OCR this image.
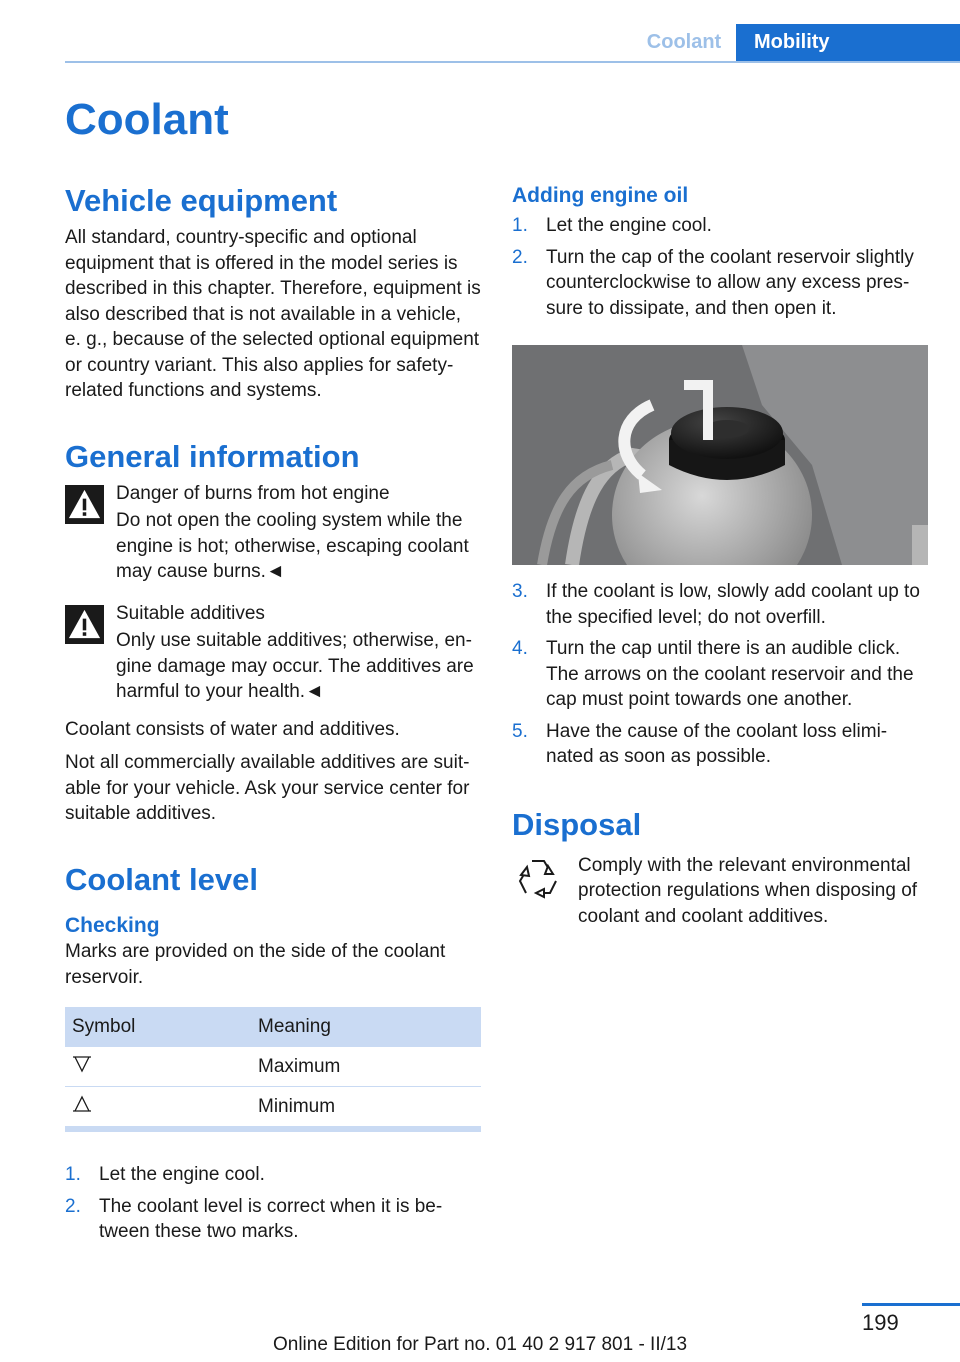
Coolant	Mobility
Coolant
Vehicle equipment

All standard, country-specific and optional equipment that is offered in the model series is described in this chapter. Therefore, equipment is also described that is not available in a vehicle, e. g., because of the selected optional equipment or country variant. This also applies for safety-related functions and systems.

General information

Danger of burns from hot engine

Do not open the cooling system while the engine is hot; otherwise, escaping coolant may cause burns.◄

Suitable additives

Only use suitable additives; otherwise, engine damage may occur. The additives are harmful to your health.◄

Coolant consists of water and additives.

Not all commercially available additives are suitable for your vehicle. Ask your service center for suitable additives.

Coolant level
Checking

Marks are provided on the side of the coolant reservoir.

Symbol	Meaning
	Maximum
	Minimum
1. Let the engine cool.
2. The coolant level is correct when it is between these two marks.
Adding engine oil
1. Let the engine cool.
2. Turn the cap of the coolant reservoir slightly counterclockwise to allow any excess pressure to dissipate, and then open it.
3. If the coolant is low, slowly add coolant up to the specified level; do not overfill.
4. Turn the cap until there is an audible click. The arrows on the coolant reservoir and the cap must point towards one another.
5. Have the cause of the coolant loss eliminated as soon as possible.
Disposal

Comply with the relevant environmental protection regulations when disposing of coolant and coolant additives.

199
Online Edition for Part no. 01 40 2 917 801 - II/13
